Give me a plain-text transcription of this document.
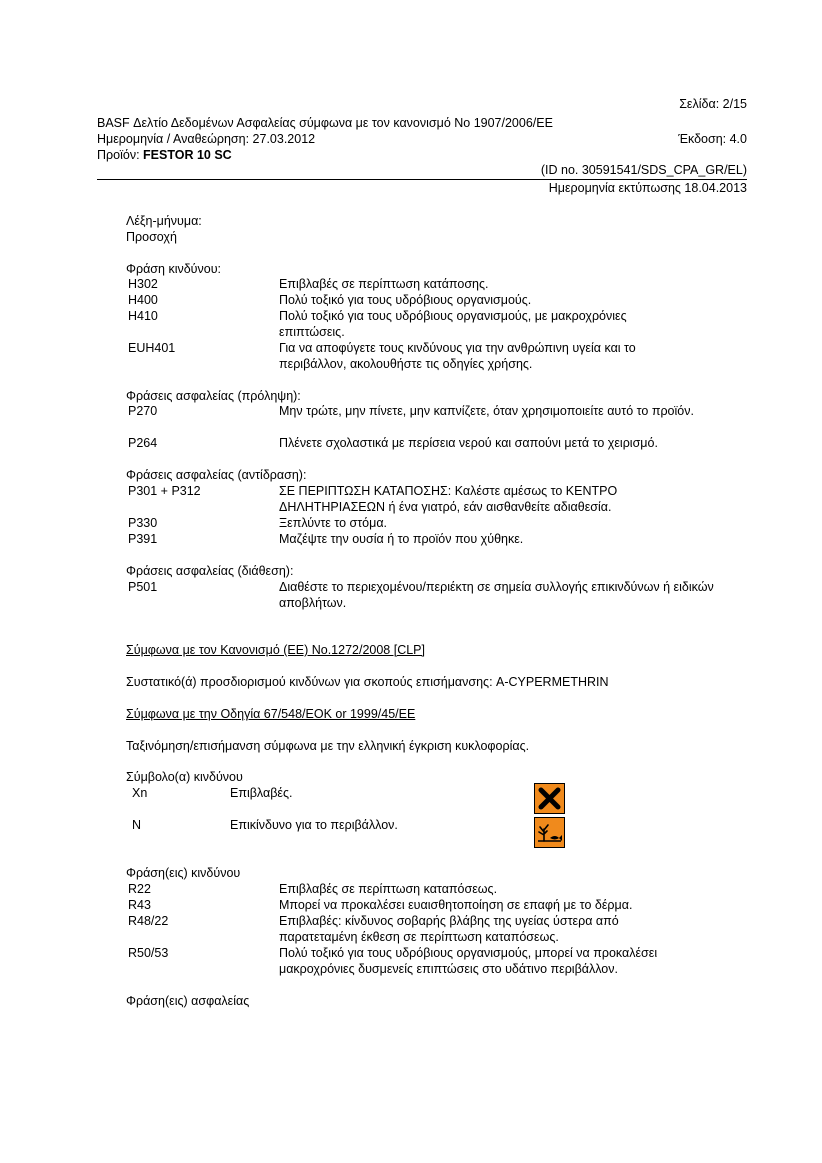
Σελίδα: 2/15
BASF Δελτίο Δεδομένων Ασφαλείας σύμφωνα με τον κανονισμό Νο 1907/2006/ΕΕ
Ημερομηνία / Αναθεώρηση: 27.03.2012	Έκδοση: 4.0
Προϊόν: FESTOR 10 SC
(ID no. 30591541/SDS_CPA_GR/EL)
Ημερομηνία εκτύπωσης 18.04.2013
Λέξη-μήνυμα:
Προσοχή
Φράση κινδύνου:
H302	Επιβλαβές σε περίπτωση κατάποσης.
H400	Πολύ τοξικό για τους υδρόβιους οργανισμούς.
H410	Πολύ τοξικό για τους υδρόβιους οργανισμούς, με μακροχρόνιες επιπτώσεις.
EUH401	Για να αποφύγετε τους κινδύνους για την ανθρώπινη υγεία και το περιβάλλον, ακολουθήστε τις οδηγίες χρήσης.
Φράσεις ασφαλείας (πρόληψη):
P270	Μην τρώτε, μην πίνετε, μην καπνίζετε, όταν χρησιμοποιείτε αυτό το προϊόν.
P264	Πλένετε σχολαστικά με περίσεια νερού και σαπούνι μετά το χειρισμό.
Φράσεις ασφαλείας (αντίδραση):
P301 + P312	ΣΕ ΠΕΡΙΠΤΩΣΗ ΚΑΤΑΠΟΣΗΣ: Καλέστε αμέσως το ΚΕΝΤΡΟ ΔΗΛΗΤΗΡΙΑΣΕΩΝ ή ένα γιατρό, εάν αισθανθείτε αδιαθεσία.
P330	Ξεπλύντε το στόμα.
P391	Μαζέψτε την ουσία ή το προϊόν που χύθηκε.
Φράσεις ασφαλείας (διάθεση):
P501	Διαθέστε το περιεχομένου/περιέκτη σε σημεία συλλογής επικινδύνων ή ειδικών αποβλήτων.
Σύμφωνα με τον Κανονισμό (ΕΕ) No.1272/2008 [CLP]
Συστατικό(ά) προσδιορισμού κινδύνων για σκοπούς επισήμανσης: A-CYPERMETHRIN
Σύμφωνα με την Οδηγία 67/548/ΕΟΚ or 1999/45/ΕΕ
Ταξινόμηση/επισήμανση σύμφωνα με την ελληνική έγκριση κυκλοφορίας.
Σύμβολο(α) κινδύνου
Xn	Επιβλαβές.
N	Επικίνδυνο για το περιβάλλον.
Φράση(εις) κινδύνου
R22	Επιβλαβές σε περίπτωση καταπόσεως.
R43	Μπορεί να προκαλέσει ευαισθητοποίηση σε επαφή με το δέρμα.
R48/22	Επιβλαβές: κίνδυνος σοβαρής βλάβης της υγείας ύστερα από παρατεταμένη έκθεση σε περίπτωση καταπόσεως.
R50/53	Πολύ τοξικό για τους υδρόβιους οργανισμούς, μπορεί να προκαλέσει μακροχρόνιες δυσμενείς επιπτώσεις στο υδάτινο περιβάλλον.
Φράση(εις) ασφαλείας
